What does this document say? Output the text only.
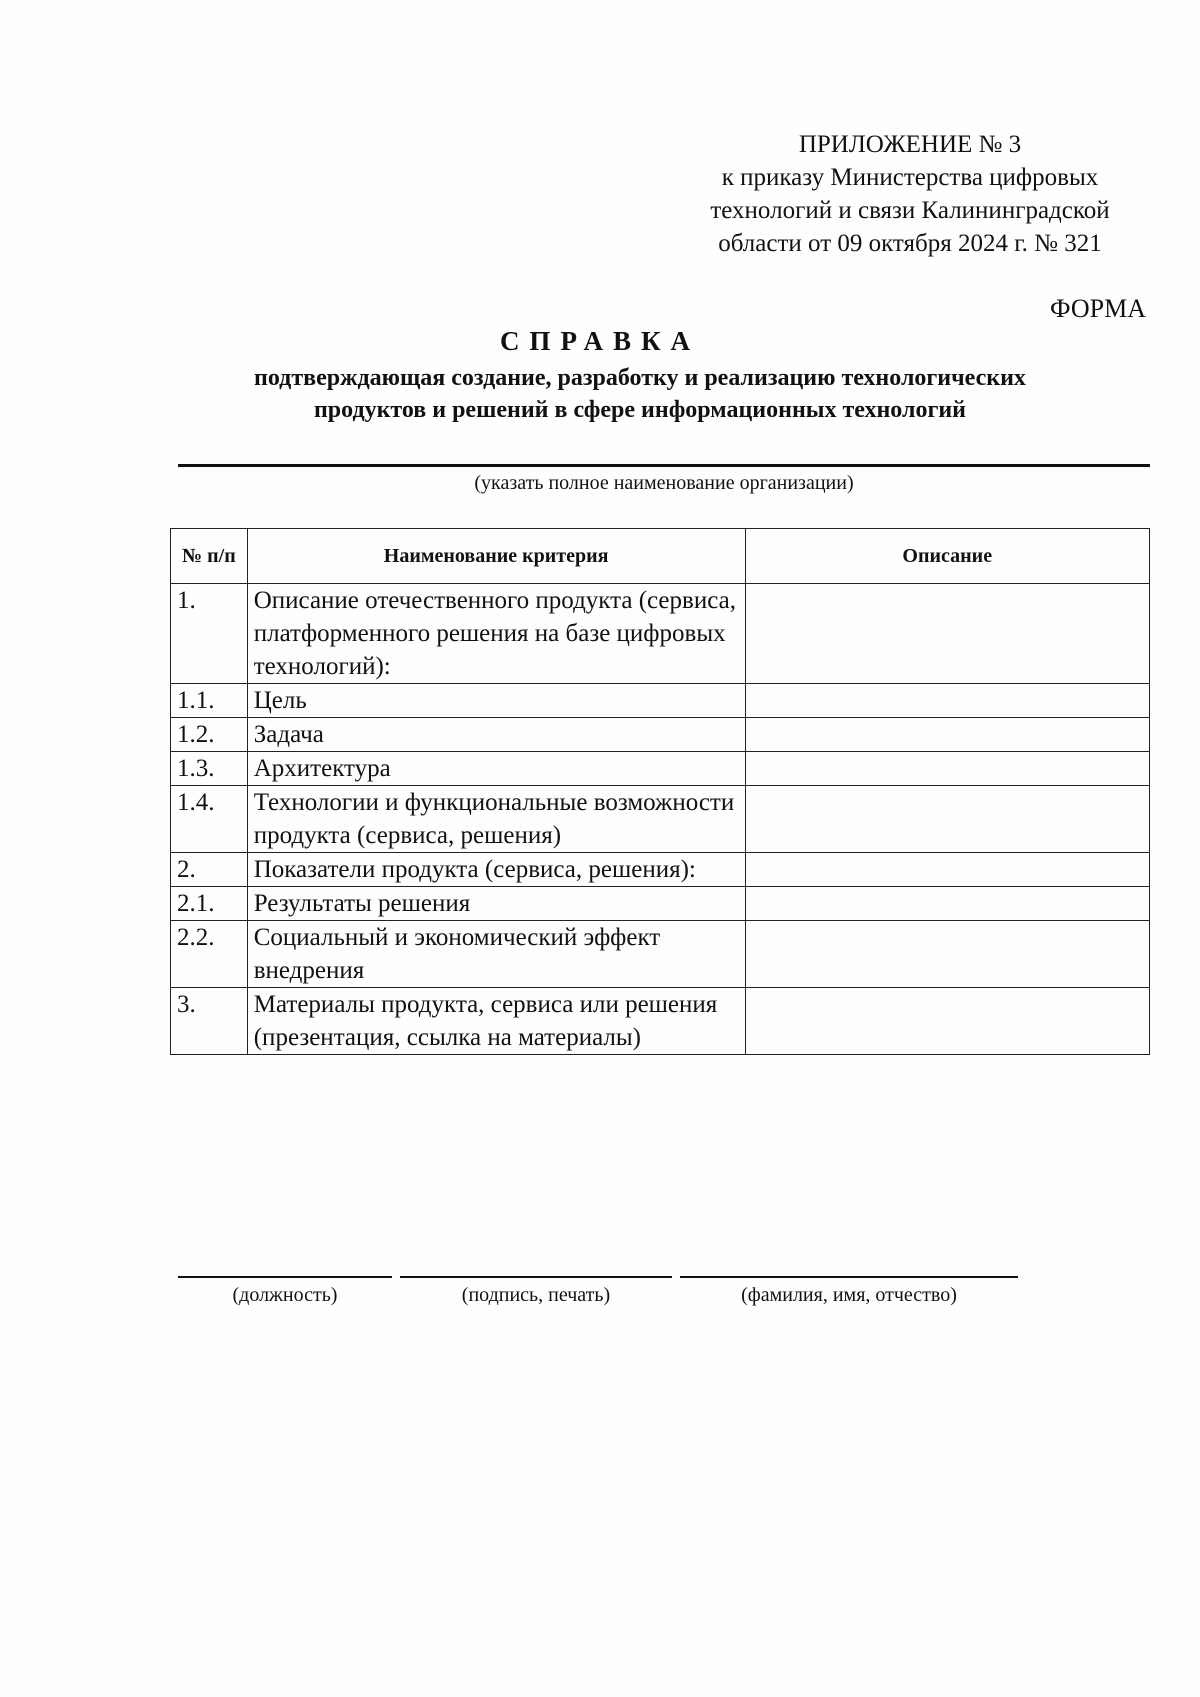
ПРИЛОЖЕНИЕ № 3
к приказу Министерства цифровых
технологий и связи Калининградской
области от 09 октября 2024 г. № 321
ФОРМА
СПРАВКА
подтверждающая создание, разработку и реализацию технологических
продуктов и решений в сфере информационных технологий
(указать полное наименование организации)
№ п/п	Наименование критерия	Описание
1.	Описание отечественного продукта (сервиса, платформенного решения на базе цифровых технологий):	
1.1.	Цель	
1.2.	Задача	
1.3.	Архитектура	
1.4.	Технологии и функциональные возможности продукта (сервиса, решения)	
2.	Показатели продукта (сервиса, решения):	
2.1.	Результаты решения	
2.2.	Социальный и экономический эффект внедрения	
3.	Материалы продукта, сервиса или решения (презентация, ссылка на материалы)	
(должность)	(подпись, печать)	(фамилия, имя, отчество)
